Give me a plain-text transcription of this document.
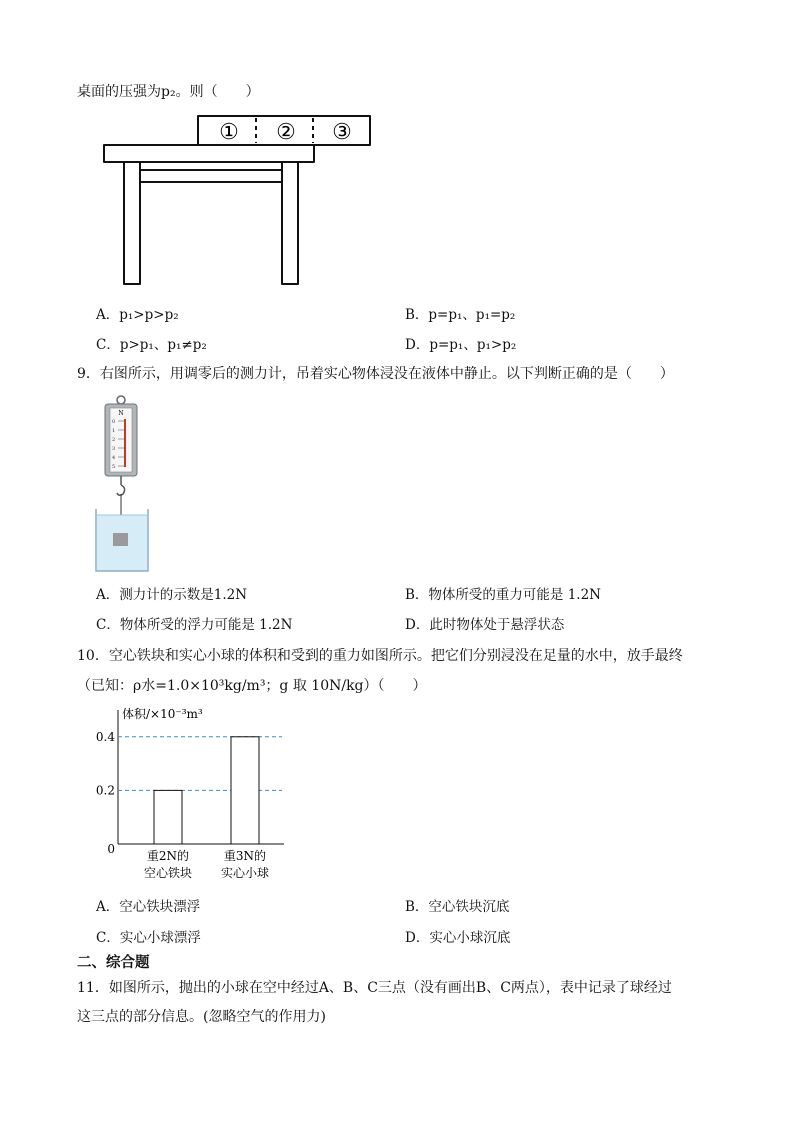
桌面的压强为p₂。则（　　）
① ② ③
A．p₁>p>p₂	B．p=p₁、p₁=p₂
C．p>p₁、p₁≠p₂	D．p=p₁、p₁>p₂
9．右图所示，用调零后的测力计，吊着实心物体浸没在液体中静止。以下判断正确的是（　　）
N
0
1
2
3
4
5
A．测力计的示数是1.2N	B．物体所受的重力可能是 1.2N
C．物体所受的浮力可能是 1.2N	D．此时物体处于悬浮状态
10．空心铁块和实心小球的体积和受到的重力如图所示。把它们分别浸没在足量的水中，放手最终
（已知：ρ水=1.0×10³kg/m³；g 取 10N/kg）（　　）
体积/×10⁻³m³
0
0.2
0.4
重2N的
空心铁块
重3N的
实心小球
A．空心铁块漂浮	B．空心铁块沉底
C．实心小球漂浮	D．实心小球沉底
二、综合题
11．如图所示，抛出的小球在空中经过A、B、C三点（没有画出B、C两点），表中记录了球经过
这三点的部分信息。(忽略空气的作用力)
